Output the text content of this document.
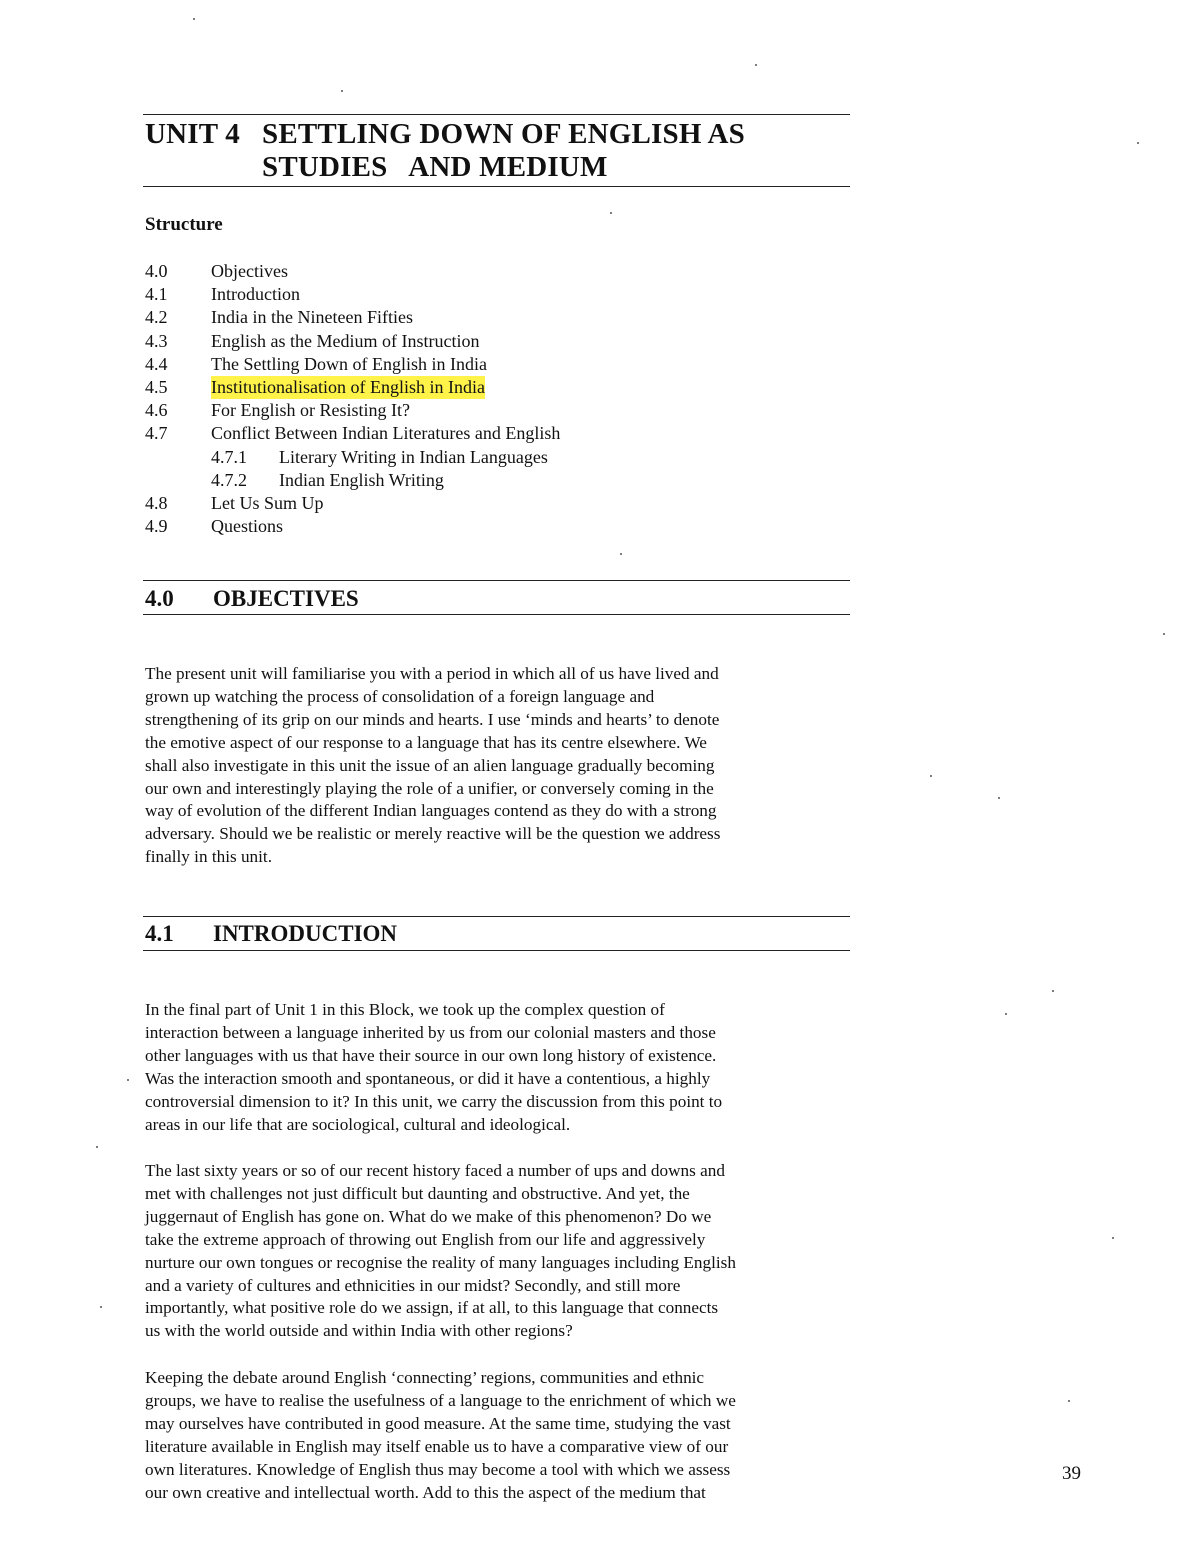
UNIT 4 SETTLING DOWN OF ENGLISH AS
STUDIES   AND MEDIUM
Structure
4.0	Objectives
4.1	Introduction
4.2	India in the Nineteen Fifties
4.3	English as the Medium of Instruction
4.4	The Settling Down of English in India
4.5	Institutionalisation of English in India
4.6	For English or Resisting It?
4.7	Conflict Between Indian Literatures and English
4.7.1	Literary Writing in Indian Languages
4.7.2	Indian English Writing
4.8	Let Us Sum Up
4.9	Questions
4.0	OBJECTIVES

The present unit will familiarise you with a period in which all of us have lived and
grown up watching the process of consolidation of a foreign language and
strengthening of its grip on our minds and hearts. I use ‘minds and hearts’ to denote
the emotive aspect of our response to a language that has its centre elsewhere. We
shall also investigate in this unit the issue of an alien language gradually becoming
our own and interestingly playing the role of a unifier, or conversely coming in the
way of evolution of the different Indian languages contend as they do with a strong
adversary. Should we be realistic or merely reactive will be the question we address
finally in this unit.

4.1	INTRODUCTION

In the final part of Unit 1 in this Block, we took up the complex question of
interaction between a language inherited by us from our colonial masters and those
other languages with us that have their source in our own long history of existence.
Was the interaction smooth and spontaneous, or did it have a contentious, a highly
controversial dimension to it? In this unit, we carry the discussion from this point to
areas in our life that are sociological, cultural and ideological.

The last sixty years or so of our recent history faced a number of ups and downs and
met with challenges not just difficult but daunting and obstructive. And yet, the
juggernaut of English has gone on. What do we make of this phenomenon? Do we
take the extreme approach of throwing out English from our life and aggressively
nurture our own tongues or recognise the reality of many languages including English
and a variety of cultures and ethnicities in our midst? Secondly, and still more
importantly, what positive role do we assign, if at all, to this language that connects
us with the world outside and within India with other regions?

Keeping the debate around English ‘connecting’ regions, communities and ethnic
groups, we have to realise the usefulness of a language to the enrichment of which we
may ourselves have contributed in good measure. At the same time, studying the vast
literature available in English may itself enable us to have a comparative view of our
own literatures. Knowledge of English thus may become a tool with which we assess
our own creative and intellectual worth. Add to this the aspect of the medium that

39
